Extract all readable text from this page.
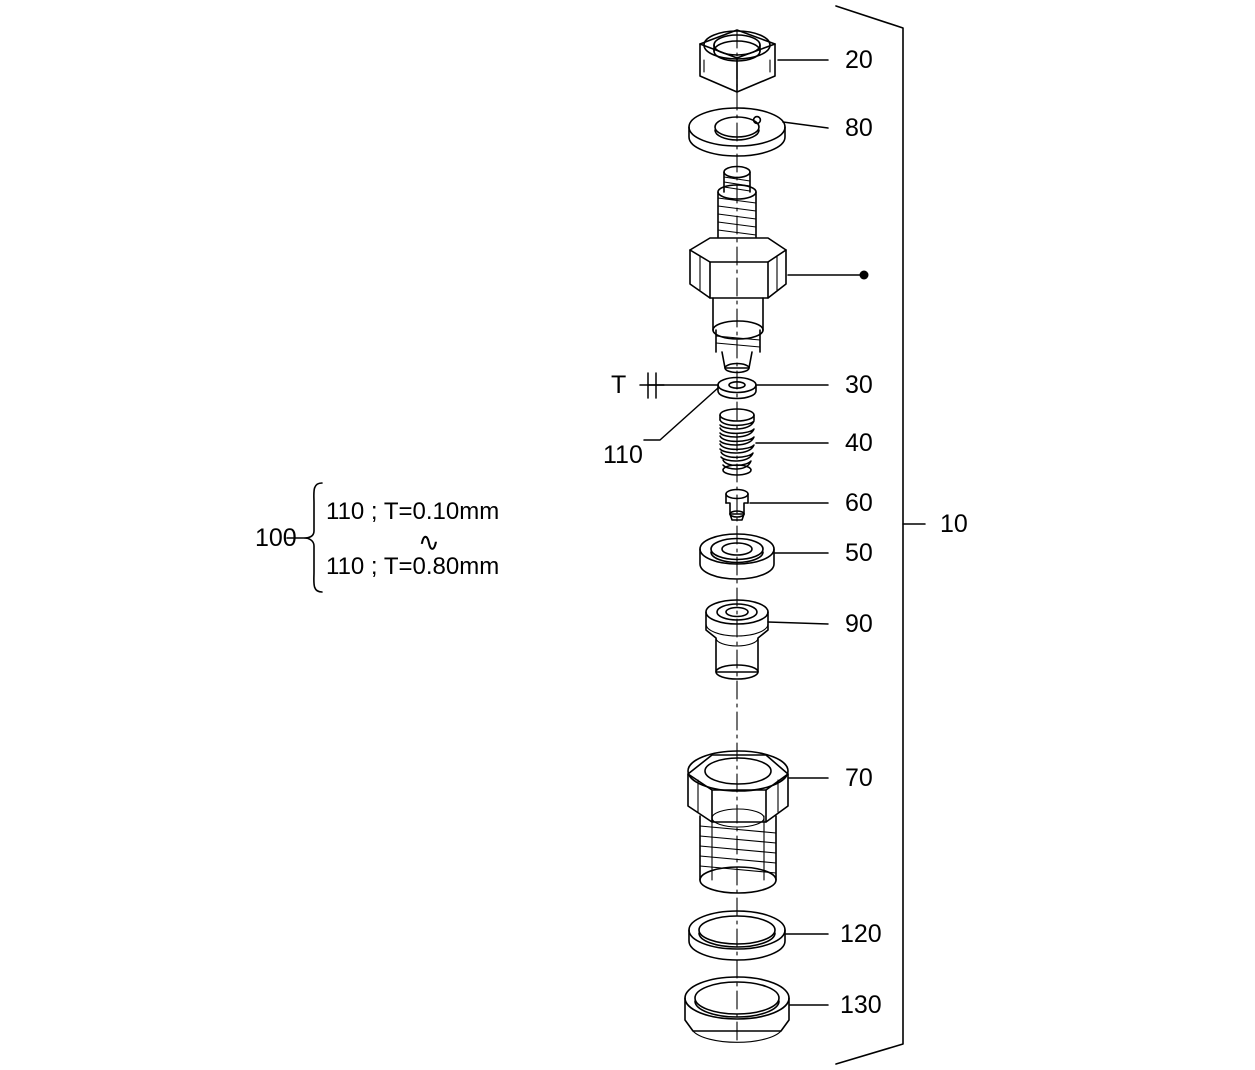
20
80
30
40
60
50
90
70
120
130
10
110
T
100
110 ; T=0.10mm
∿
110 ; T=0.80mm
